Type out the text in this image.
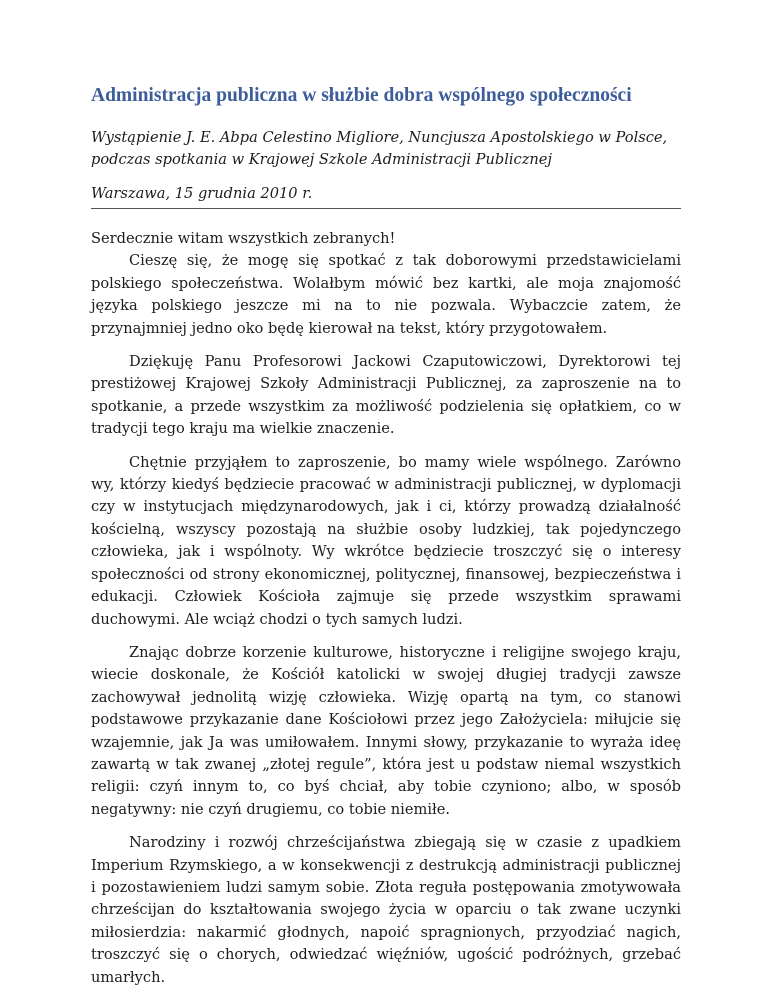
Administracja publiczna w służbie dobra wspólnego społeczności
Wystąpienie J. E. Abpa Celestino Migliore, Nuncjusza Apostolskiego w Polsce, podczas spotkania w Krajowej Szkole Administracji Publicznej
Warszawa, 15 grudnia 2010 r.

Serdecznie witam wszystkich zebranych!

Cieszę się, że mogę się spotkać z tak doborowymi przedstawicielami polskiego społeczeństwa. Wolałbym mówić bez kartki, ale moja znajomość języka polskiego jeszcze mi na to nie pozwala. Wybaczcie zatem, że przynajmniej jedno oko będę kierował na tekst, który przygotowałem.

Dziękuję Panu Profesorowi Jackowi Czaputowiczowi, Dyrektorowi tej prestiżowej Krajowej Szkoły Administracji Publicznej, za zaproszenie na to spotkanie, a przede wszystkim za możliwość podzielenia się opłatkiem, co w tradycji tego kraju ma wielkie znaczenie.

Chętnie przyjąłem to zaproszenie, bo mamy wiele wspólnego. Zarówno wy, którzy kiedyś będziecie pracować w administracji publicznej, w dyplomacji czy w instytucjach międzynarodowych, jak i ci, którzy prowadzą działalność kościelną, wszyscy pozostają na służbie osoby ludzkiej, tak pojedynczego człowieka, jak i wspólnoty. Wy wkrótce będziecie troszczyć się o interesy społeczności od strony ekonomicznej, politycznej, finansowej, bezpieczeństwa i edukacji. Człowiek Kościoła zajmuje się przede wszystkim sprawami duchowymi. Ale wciąż chodzi o tych samych ludzi.

Znając dobrze korzenie kulturowe, historyczne i religijne swojego kraju, wiecie doskonale, że Kościół katolicki w swojej długiej tradycji zawsze zachowywał jednolitą wizję człowieka. Wizję opartą na tym, co stanowi podstawowe przykazanie dane Kościołowi przez jego Założyciela: miłujcie się wzajemnie, jak Ja was umiłowałem. Innymi słowy, przykazanie to wyraża ideę zawartą w tak zwanej „złotej regule”, która jest u podstaw niemal wszystkich religii: czyń innym to, co byś chciał, aby tobie czyniono; albo, w sposób negatywny: nie czyń drugiemu, co tobie niemiłe.

Narodziny i rozwój chrześcijaństwa zbiegają się w czasie z upadkiem Imperium Rzymskiego, a w konsekwencji z destrukcją administracji publicznej i pozostawieniem ludzi samym sobie. Złota reguła postępowania zmotywowała chrześcijan do kształtowania swojego życia w oparciu o tak zwane uczynki miłosierdzia: nakarmić głodnych, napoić spragnionych, przyodziać nagich, troszczyć się o chorych, odwiedzać więźniów, ugościć podróżnych, grzebać umarłych.
